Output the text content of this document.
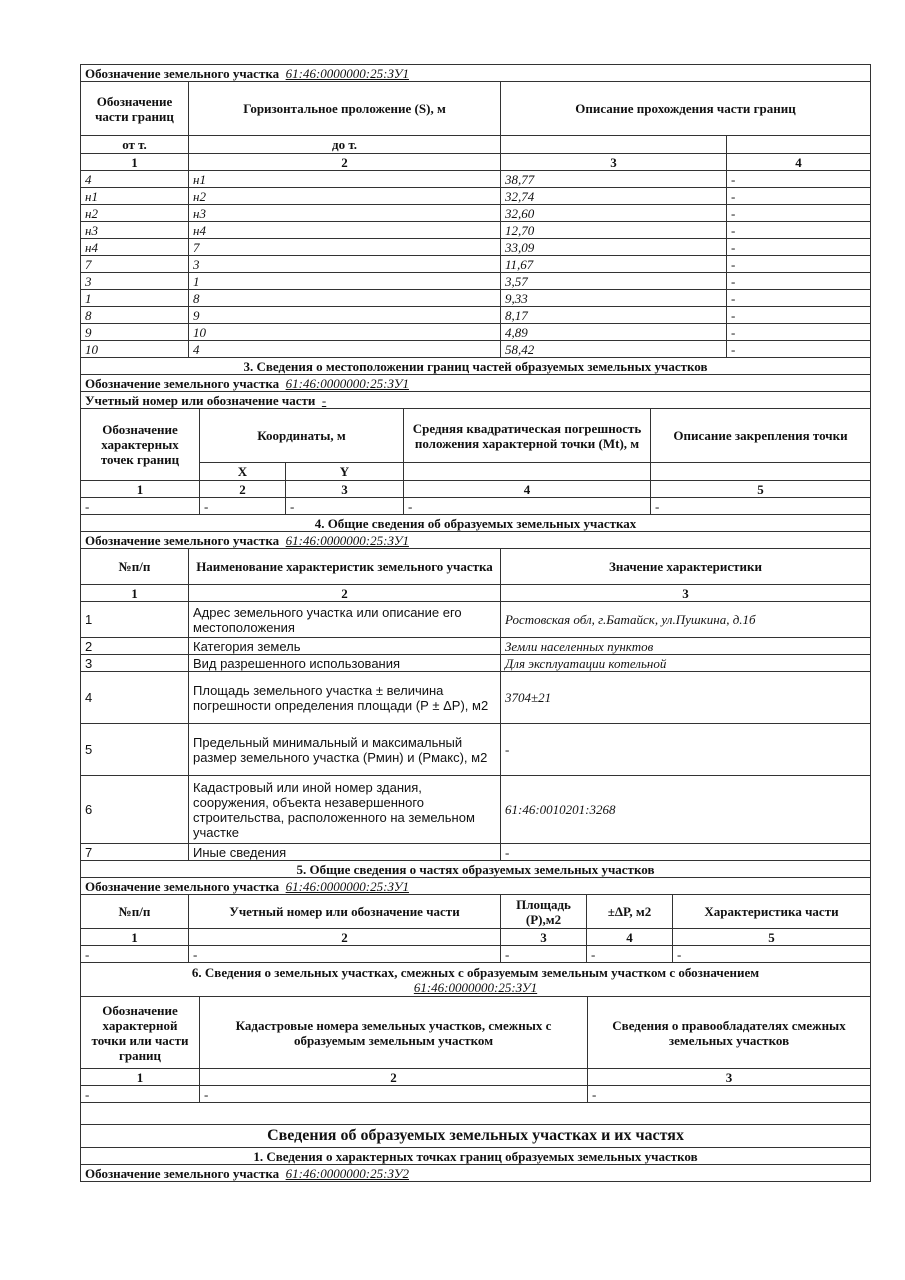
Обозначение земельного участка 61:46:0000000:25:ЗУ1			
Обозначение части границ	Горизонтальное проложение (S), м	Описание прохождения части границ	
от т.	до т.		
1	2	3	4
4	н1	38,77	-
н1	н2	32,74	-
н2	н3	32,60	-
н3	н4	12,70	-
н4	7	33,09	-
7	3	11,67	-
3	1	3,57	-
1	8	9,33	-
8	9	8,17	-
9	10	4,89	-
10	4	58,42	-
3. Сведения о местоположении границ частей образуемых земельных участков			
Обозначение земельного участка 61:46:0000000:25:ЗУ1				
Учетный номер или обозначение части -				
Обозначение характерных точек границ	Координаты, м		Средняя квадратическая погрешность положения характерной точки (Mt), м	Описание закрепления точки
	X	Y		
1	2	3	4	5
-	-	-	-	-
4. Общие сведения об образуемых земельных участках				
Обозначение земельного участка 61:46:0000000:25:ЗУ1		
№п/п	Наименование характеристик земельного участка	Значение характеристики
1	2	3
1	Адрес земельного участка или описание его местоположения	Ростовская обл, г.Батайск, ул.Пушкина, д.1б
2	Категория земель	Земли населенных пунктов
3	Вид разрешенного использования	Для эксплуатации котельной
4	Площадь земельного участка ± величина погрешности определения площади (Р ± ΔР), м2	3704±21
5	Предельный минимальный и максимальный размер земельного участка (Рмин) и (Рмакс), м2	-
6	Кадастровый или иной номер здания, сооружения, объекта незавершенного строительства, расположенного на земельном участке	61:46:0010201:3268
7	Иные сведения	-
5. Общие сведения о частях образуемых земельных участков		
Обозначение земельного участка 61:46:0000000:25:ЗУ1				
№п/п	Учетный номер или обозначение части	Площадь (Р),м2	±ΔР, м2	Характеристика части
1	2	3	4	5
-	-	-	-	-
6. Сведения о земельных участках, смежных с образуемым земельным участком с обозначением
61:46:0000000:25:ЗУ1				
Обозначение характерной точки или части границ	Кадастровые номера земельных участков, смежных с образуемым земельным участком	Сведения о правообладателях смежных земельных участков
1	2	3
-	-	-

Сведения об образуемых земельных участках и их частях		
1. Сведения о характерных точках границ образуемых земельных участков		
Обозначение земельного участка 61:46:0000000:25:ЗУ2		
